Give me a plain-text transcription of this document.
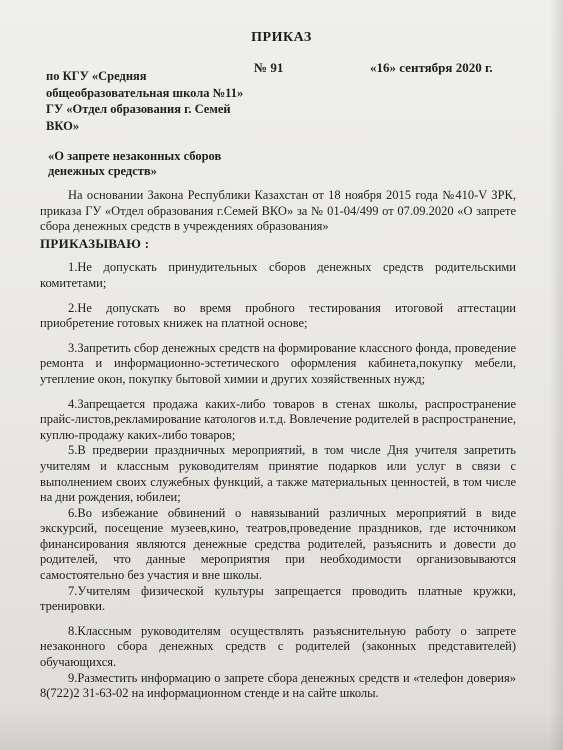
ПРИКАЗ
по КГУ «Средняя общеобразовательная школа №11» ГУ «Отдел образования г. Семей ВКО»
№ 91	«16» сентября 2020 г.
«О запрете незаконных сборов денежных средств»

На основании Закона Республики Казахстан от 18 ноября 2015 года №410-V ЗРК, приказа ГУ «Отдел образования г.Семей ВКО» за № 01-04/499 от 07.09.2020 «О запрете сбора денежных средств в учреждениях образования»

ПРИКАЗЫВАЮ :

1.Не допускать принудительных сборов денежных средств родительскими комитетами;

2.Не допускать во время пробного тестирования итоговой аттестации приобретение готовых книжек на платной основе;

3.Запретить сбор денежных средств на формирование классного фонда, проведение ремонта и информационно-эстетического оформления кабинета,покупку мебели, утепление окон, покупку бытовой химии и других хозяйственных нужд;

4.Запрещается продажа каких-либо товаров в стенах школы, распространение прайс-листов,рекламирование катологов и.т.д. Вовлечение родителей в распространение, куплю-продажу каких-либо товаров;

5.В предверии праздничных мероприятий, в том числе Дня учителя запретить учителям и классным руководителям принятие подарков или услуг в связи с выполнением своих служебных функций, а также материальных ценностей, в том числе на дни рождения, юбилеи;

6.Во избежание обвинений о навязываний различных мероприятий в виде экскурсий, посещение музеев,кино, театров,проведение праздников, где источником финансирования являются денежные средства родителей, разъяснить и довести до родителей, что данные мероприятия при необходимости организовываются самостоятельно без участия и вне школы.

7.Учителям физической культуры запрещается проводить платные кружки, тренировки.

8.Классным руководителям осуществлять разъяснительную работу о запрете незаконного сбора денежных средств с родителей (законных представителей) обучающихся.

9.Разместить информацию о запрете сбора денежных средств и «телефон доверия» 8(722)2 31-63-02 на информационном стенде и на сайте школы.
